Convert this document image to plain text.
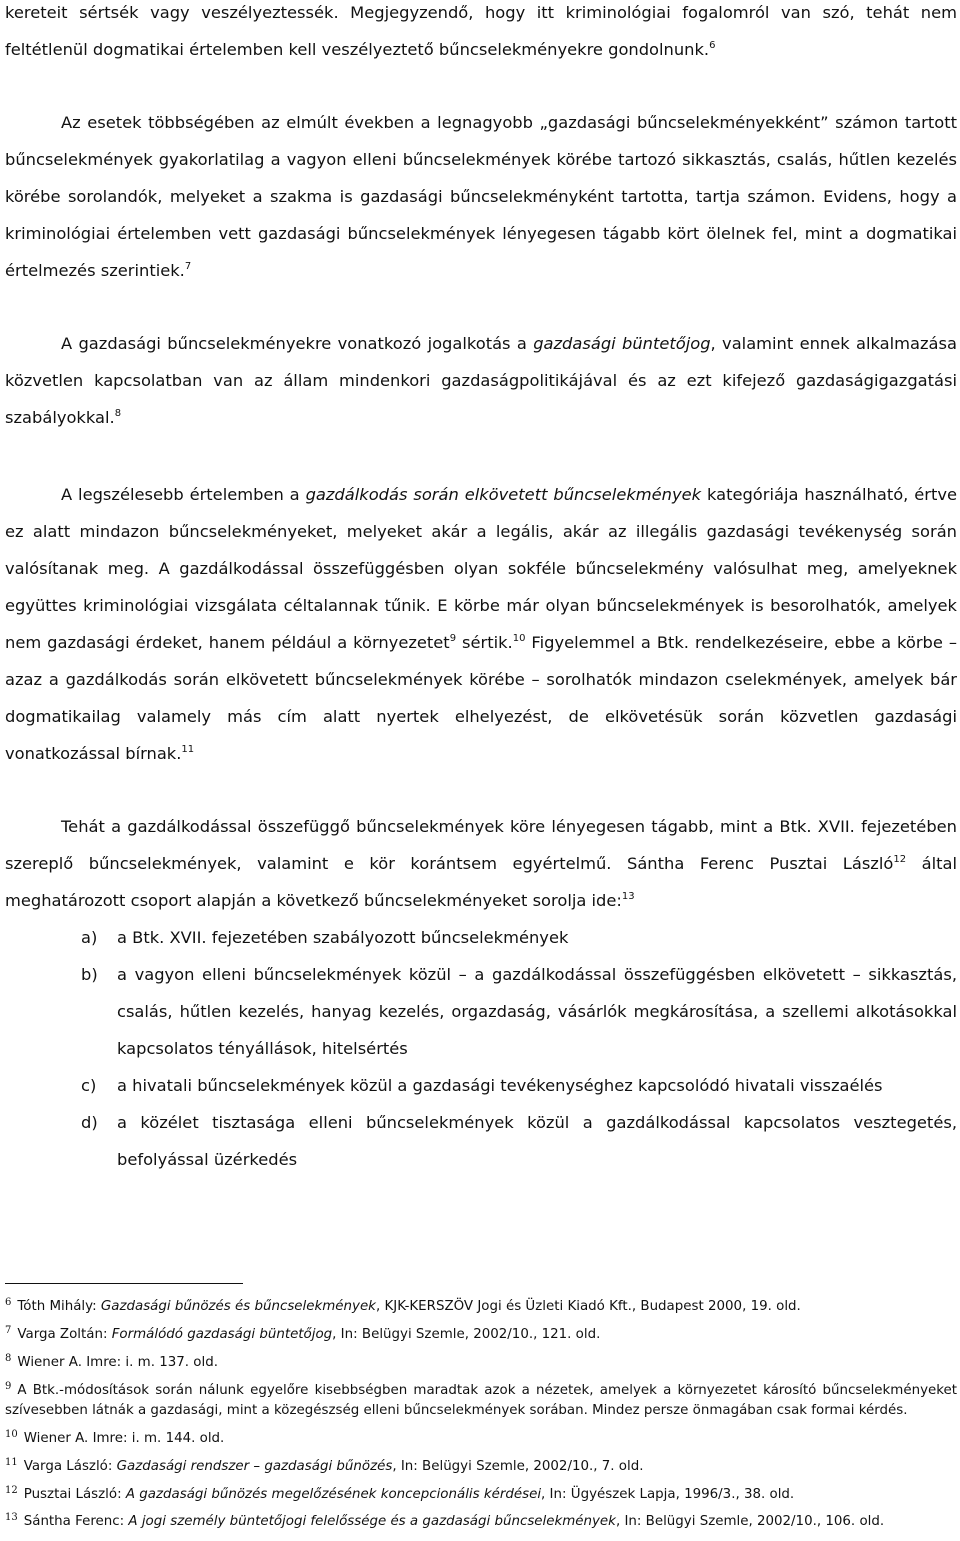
kereteit sértsék vagy veszélyeztessék. Megjegyzendő, hogy itt kriminológiai fogalomról van szó, tehát nem feltétlenül dogmatikai értelemben kell veszélyeztető bűncselekményekre gondolnunk.$^6$

Az esetek többségében az elmúlt években a legnagyobb „gazdasági bűncselekményekként” számon tartott bűncselekmények gyakorlatilag a vagyon elleni bűncselekmények körébe tartozó sikkasztás, csalás, hűtlen kezelés körébe sorolandók, melyeket a szakma is gazdasági bűncselekményként tartotta, tartja számon. Evidens, hogy a kriminológiai értelemben vett gazdasági bűncselekmények lényegesen tágabb kört ölelnek fel, mint a dogmatikai értelmezés szerintiek.$^7$

A gazdasági bűncselekményekre vonatkozó jogalkotás a gazdasági büntetőjog, valamint ennek alkalmazása közvetlen kapcsolatban van az állam mindenkori gazdaságpolitikájával és az ezt kifejező gazdaságigazgatási szabályokkal.$^8$

A legszélesebb értelemben a gazdálkodás során elkövetett bűncselekmények kategóriája használható, értve ez alatt mindazon bűncselekményeket, melyeket akár a legális, akár az illegális gazdasági tevékenység során valósítanak meg. A gazdálkodással összefüggésben olyan sokféle bűncselekmény valósulhat meg, amelyeknek együttes kriminológiai vizsgálata céltalannak tűnik. E körbe már olyan bűncselekmények is besorolhatók, amelyek nem gazdasági érdeket, hanem például a környezetet$^9$ sértik.$^{10}$ Figyelemmel a Btk. rendelkezéseire, ebbe a körbe – azaz a gazdálkodás során elkövetett bűncselekmények körébe – sorolhatók mindazon cselekmények, amelyek bár dogmatikailag valamely más cím alatt nyertek elhelyezést, de elkövetésük során közvetlen gazdasági vonatkozással bírnak.$^{11}$

Tehát a gazdálkodással összefüggő bűncselekmények köre lényegesen tágabb, mint a Btk. XVII. fejezetében szereplő bűncselekmények, valamint e kör korántsem egyértelmű. Sántha Ferenc Pusztai László$^{12}$ által meghatározott csoport alapján a következő bűncselekményeket sorolja ide:$^{13}$

a) a Btk. XVII. fejezetében szabályozott bűncselekmények
b) a vagyon elleni bűncselekmények közül – a gazdálkodással összefüggésben elkövetett – sikkasztás, csalás, hűtlen kezelés, hanyag kezelés, orgazdaság, vásárlók megkárosítása, a szellemi alkotásokkal kapcsolatos tényállások, hitelsértés
c) a hivatali bűncselekmények közül a gazdasági tevékenységhez kapcsolódó hivatali visszaélés
d) a közélet tisztasága elleni bűncselekmények közül a gazdálkodással kapcsolatos vesztegetés, befolyással üzérkedés

$^6$ Tóth Mihály: Gazdasági bűnözés és bűncselekmények, KJK-KERSZÖV Jogi és Üzleti Kiadó Kft., Budapest 2000, 19. old.

$^7$ Varga Zoltán: Formálódó gazdasági büntetőjog, In: Belügyi Szemle, 2002/10., 121. old.

$^8$ Wiener A. Imre: i. m. 137. old.

$^9$ A Btk.-módosítások során nálunk egyelőre kisebbségben maradtak azok a nézetek, amelyek a környezetet károsító bűncselekményeket szívesebben látnák a gazdasági, mint a közegészség elleni bűncselekmények sorában. Mindez persze önmagában csak formai kérdés.

$^{10}$ Wiener A. Imre: i. m. 144. old.

$^{11}$ Varga László: Gazdasági rendszer – gazdasági bűnözés, In: Belügyi Szemle, 2002/10., 7. old.

$^{12}$ Pusztai László: A gazdasági bűnözés megelőzésének koncepcionális kérdései, In: Ügyészek Lapja, 1996/3., 38. old.

$^{13}$ Sántha Ferenc: A jogi személy büntetőjogi felelőssége és a gazdasági bűncselekmények, In: Belügyi Szemle, 2002/10., 106. old.
